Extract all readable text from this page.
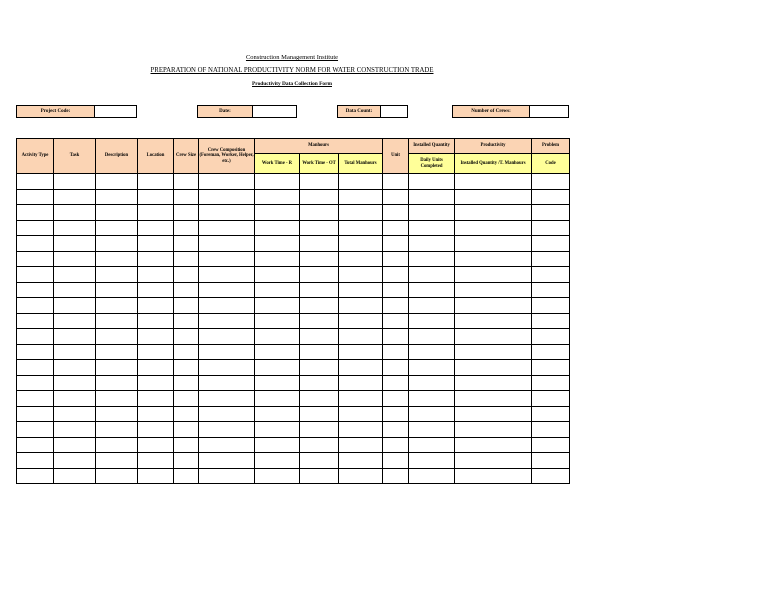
Construction Management Institute
PREPARATION OF NATIONAL PRODUCTIVITY NORM FOR WATER CONSTRUCTION TRADE
Productivity Data Collection Form
Project Code:	Date:	Data Count:	Number of Crews:
Activity Type	Task	Description	Location	Crew Size	Crew Composition (Foreman, Worker, Helper, etc.)	Manhours			Unit	Installed Quantity	Productivity	Problem
						Work Time - R	Work Time - OT	Total Manhours		Daily Units Completed	Installed Quantity /T. Manhours	Code
